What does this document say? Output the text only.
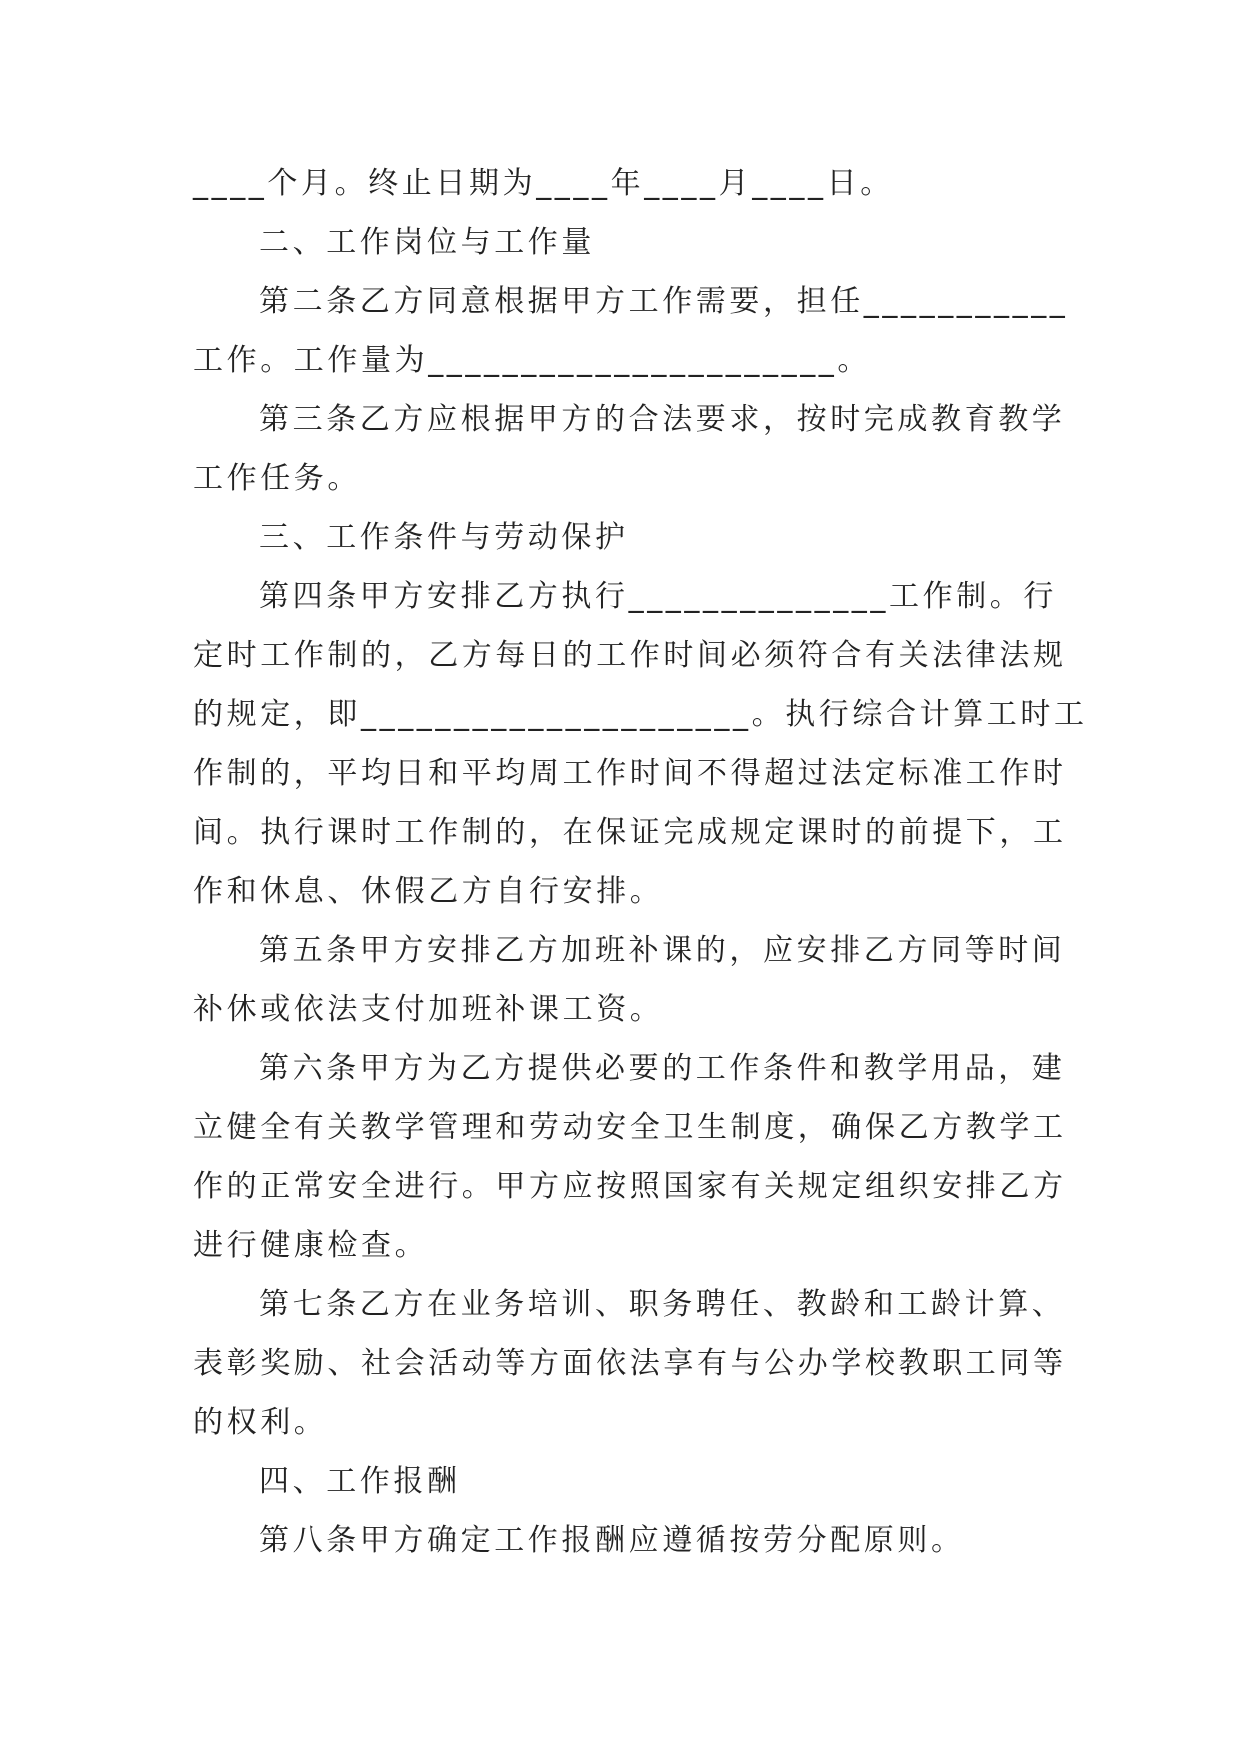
____个月。终止日期为____年____月____日。
二、工作岗位与工作量
第二条乙方同意根据甲方工作需要，担任___________
工作。工作量为______________________。
第三条乙方应根据甲方的合法要求，按时完成教育教学
工作任务。
三、工作条件与劳动保护
第四条甲方安排乙方执行______________工作制。行
定时工作制的，乙方每日的工作时间必须符合有关法律法规
的规定，即_____________________。执行综合计算工时工
作制的，平均日和平均周工作时间不得超过法定标准工作时
间。执行课时工作制的，在保证完成规定课时的前提下，工
作和休息、休假乙方自行安排。
第五条甲方安排乙方加班补课的，应安排乙方同等时间
补休或依法支付加班补课工资。
第六条甲方为乙方提供必要的工作条件和教学用品，建
立健全有关教学管理和劳动安全卫生制度，确保乙方教学工
作的正常安全进行。甲方应按照国家有关规定组织安排乙方
进行健康检查。
第七条乙方在业务培训、职务聘任、教龄和工龄计算、
表彰奖励、社会活动等方面依法享有与公办学校教职工同等
的权利。
四、工作报酬
第八条甲方确定工作报酬应遵循按劳分配原则。
